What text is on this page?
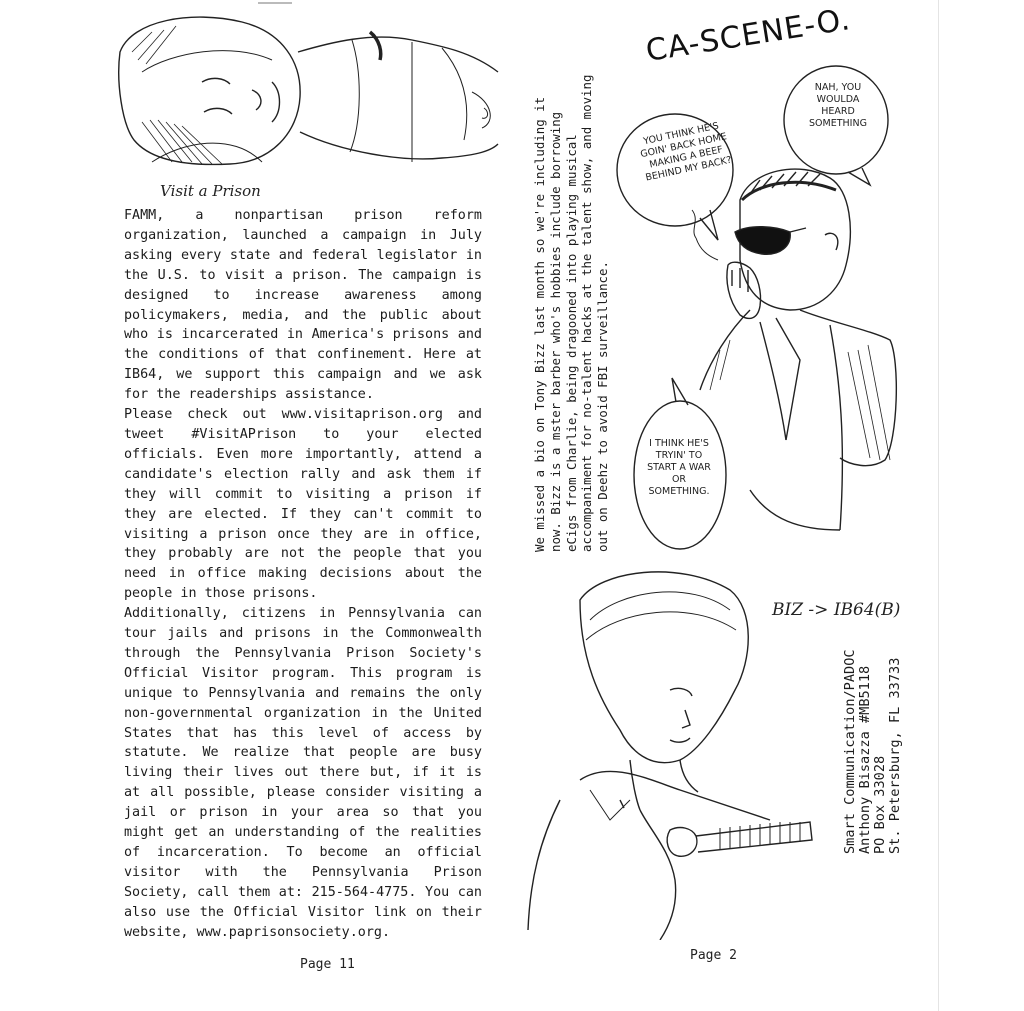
Visit a Prison

FAMM, a nonpartisan prison reform organization, launched a campaign in July asking every state and federal legislator in the U.S. to visit a prison. The campaign is designed to increase awareness among policymakers, media, and the public about who is incarcerated in America's prisons and the conditions of that confinement. Here at IB64, we support this campaign and we ask for the readerships assistance.

Please check out www.visitaprison.org and tweet #VisitAPrison to your elected officials. Even more importantly, attend a candidate's election rally and ask them if they will commit to visiting a prison if they are elected. If they can't commit to visiting a prison once they are in office, they probably are not the people that you need in office making decisions about the people in those prisons.

Additionally, citizens in Pennsylvania can tour jails and prisons in the Commonwealth through the Pennsylvania Prison Society's Official Visitor program. This program is unique to Pennsylvania and remains the only non-governmental organization in the United States that has this level of access by statute. We realize that people are busy living their lives out there but, if it is at all possible, please consider visiting a jail or prison in your area so that you might get an understanding of the realities of incarceration. To become an official visitor with the Pennsylvania Prison Society, call them at: 215-564-4775. You can also use the Official Visitor link on their website, www.paprisonsociety.org.

Page 11
We missed a bio on Tony Bizz last month so we're including it now. Bizz is a mster barber who's hobbies include borrowing eCigs from Charlie, being dragooned into playing musical accompaniment for no-talent hacks at the talent show, and moving out on Deehz to avoid FBI surveillance.
CA-SCENE-O.
YOU THINK HE'S GOIN' BACK HOME MAKING A BEEF BEHIND MY BACK?
NAH, YOU WOULDA HEARD SOMETHING
I THINK HE'S TRYIN' TO START A WAR OR SOMETHING.
BIZ -> IB64(B)
Smart Communication/PADOC Anthony Bisazza #MB5118 PO Box 33028 St. Petersburg, FL 33733
Page 2
